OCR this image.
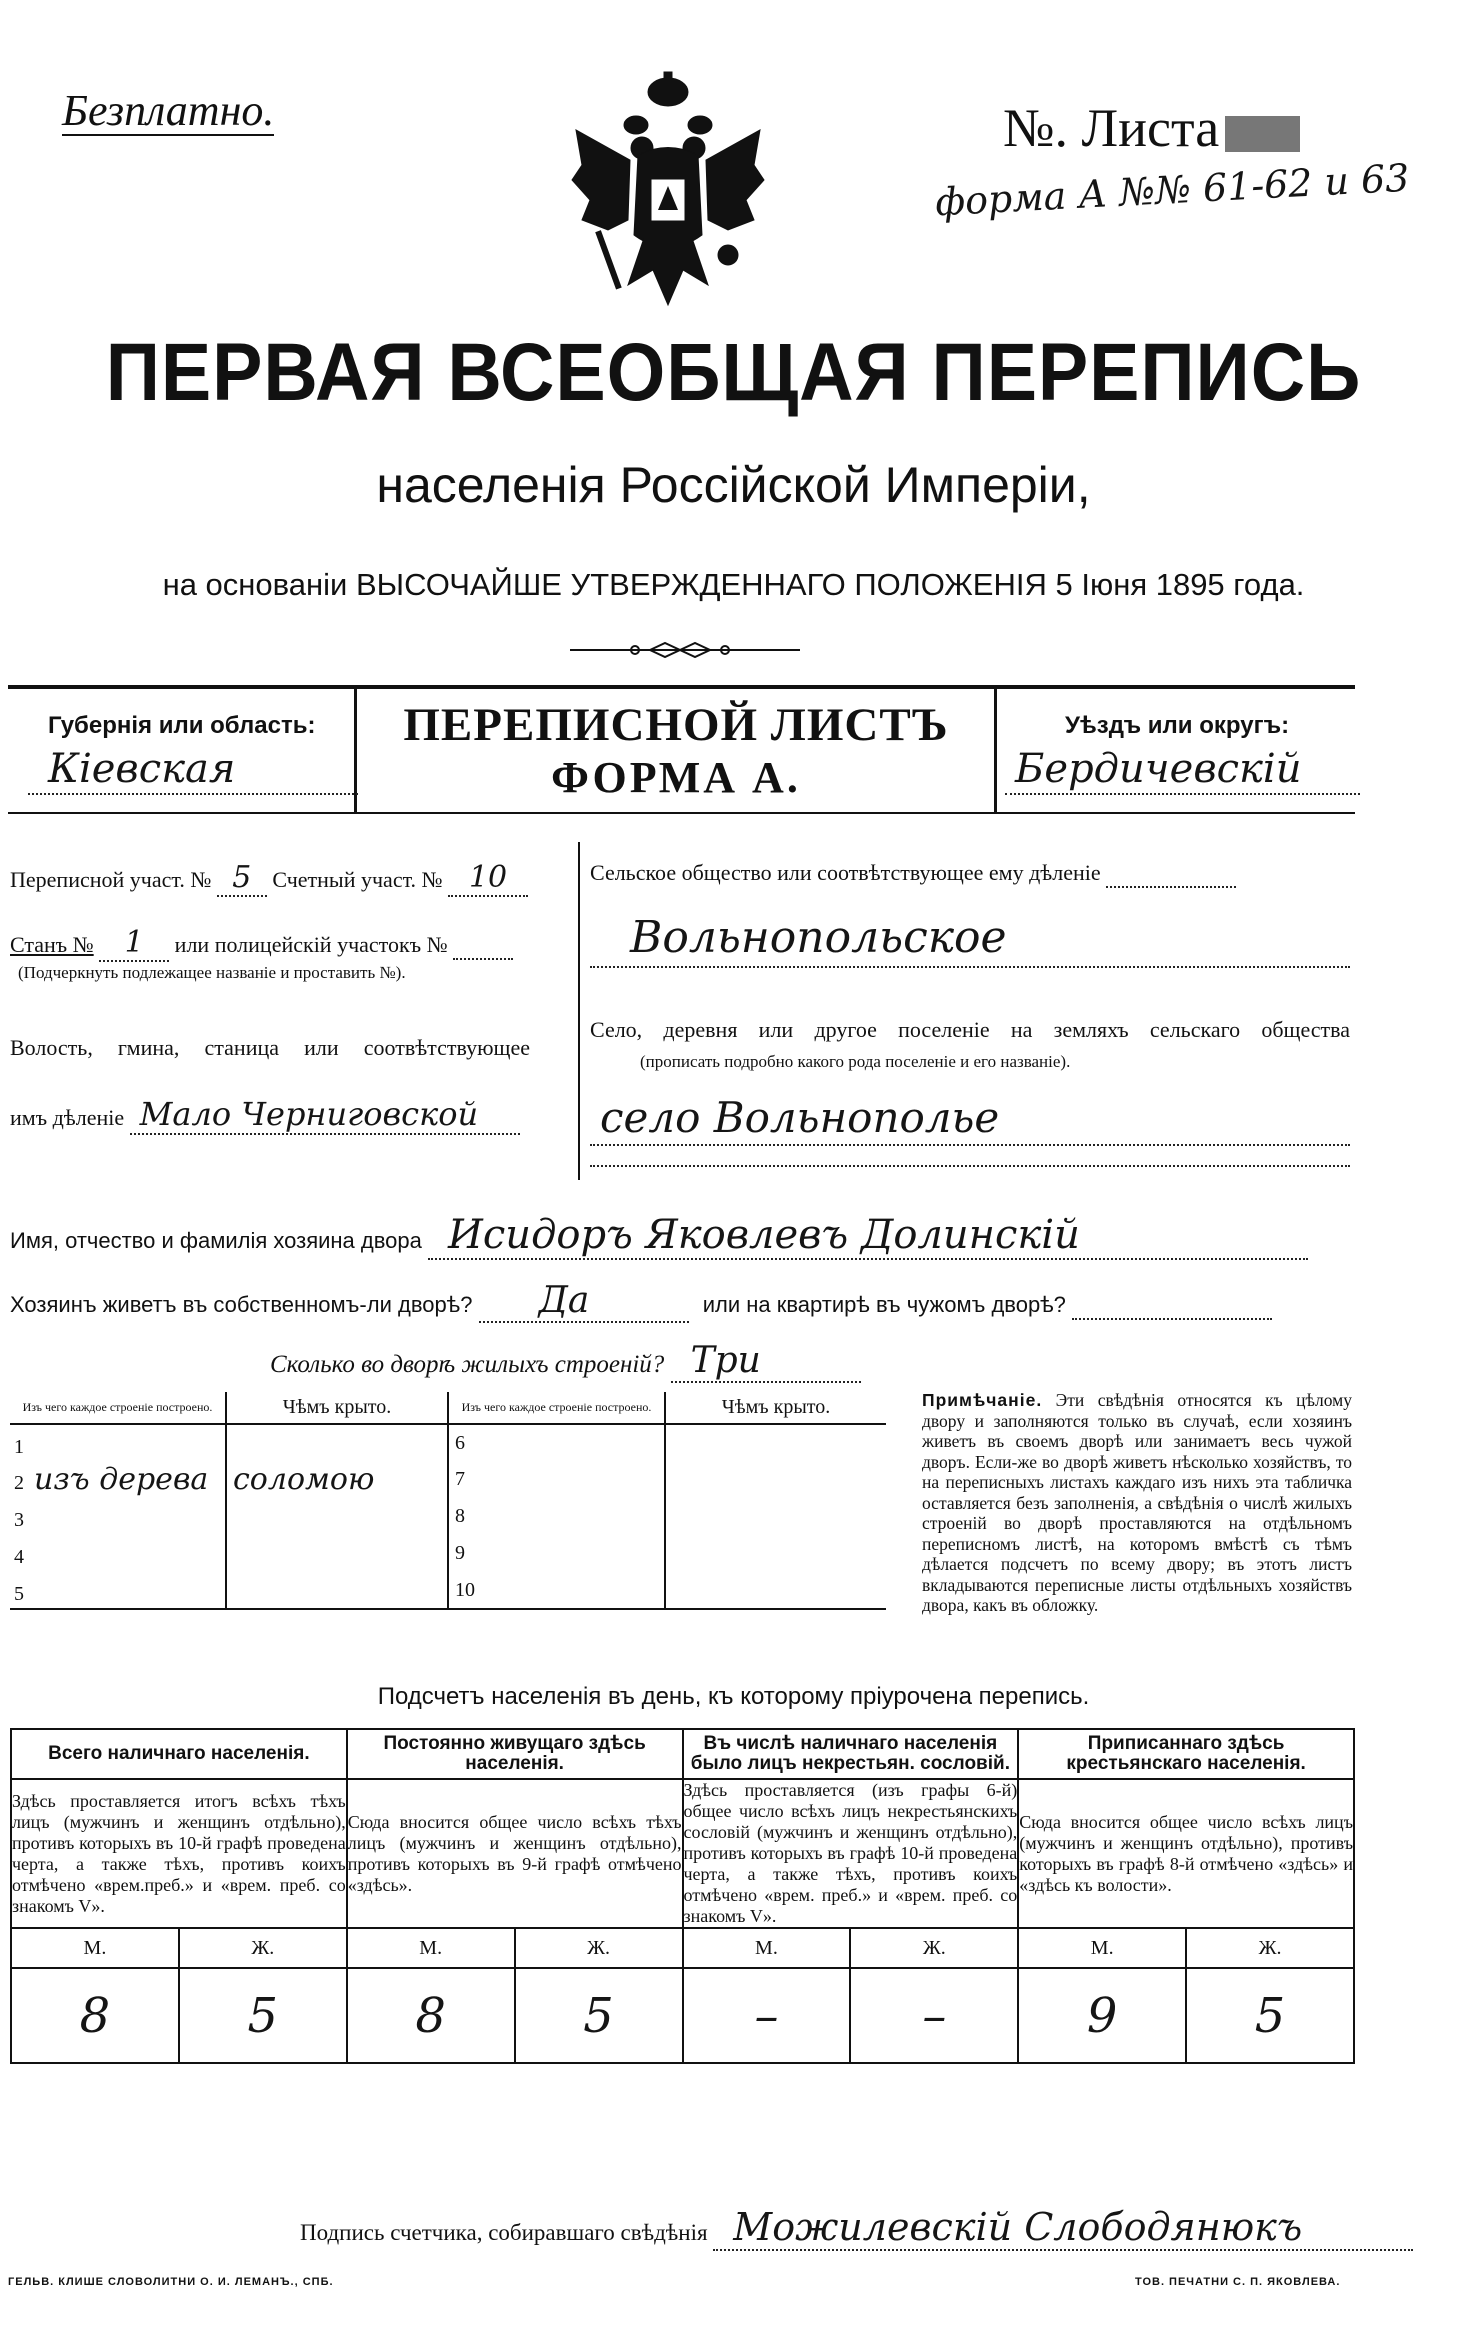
Безплатно.	№. Листа
форма А №№ 61-62 и 63
ПЕРВАЯ ВСЕОБЩАЯ ПЕРЕПИСЬ
населенія Россійской Имперіи,
на основаніи ВЫСОЧАЙШЕ УТВЕРЖДЕННАГО ПОЛОЖЕНІЯ 5 Іюня 1895 года.
Губернія или область:
Кіевская
ПЕРЕПИСНОЙ ЛИСТЪ
ФОРМА А.
Уѣздъ или округъ:
Бердичевскій
Переписной участ. № 5 Счетный участ. № 10
Станъ № 1 или полицейскій участокъ №
(Подчеркнуть подлежащее названіе и проставить №).
Волость, гмина, станица или соотвѣтствующее
имъ дѣленіе Мало Черниговской
Сельское общество или соотвѣтствующее ему дѣленіе
Вольнопольское
Село, деревня или другое поселеніе на земляхъ сельскаго общества
(прописать подробно какого рода поселеніе и его названіе).
село Вольнополье
Имя, отчество и фамилія хозяина двора Исидоръ Яковлевъ Долинскій
Хозяинъ живетъ въ собственномъ-ли дворѣ? Да	или на квартирѣ въ чужомъ дворѣ?
Сколько во дворѣ жилыхъ строеній? Три
Изъ чего каждое строеніе построено.	Чѣмъ крыто.	Изъ чего каждое строеніе построено.	Чѣмъ крыто.
1		6	
2 изъ дерева	соломою	7	
3		8	
4		9	
5		10	
Примѣчаніе. Эти свѣдѣнія относятся къ цѣлому двору и заполняются только въ случаѣ, если хозяинъ живетъ въ своемъ дворѣ или занимаетъ весь чужой дворъ. Если-же во дворѣ живетъ нѣсколько хозяйствъ, то на переписныхъ листахъ каждаго изъ нихъ эта табличка оставляется безъ заполненія, а свѣдѣнія о числѣ жилыхъ строеній во дворѣ проставляются на отдѣльномъ переписномъ листѣ, на которомъ вмѣстѣ съ тѣмъ дѣлается подсчетъ по всему двору; въ этотъ листъ вкладываются переписные листы отдѣльныхъ хозяйствъ двора, какъ въ обложку.
Подсчетъ населенія въ день, къ которому пріурочена перепись.
Всего наличнаго населенія.		Постоянно живущаго здѣсь населенія.		Въ числѣ наличнаго населенія было лицъ некрестьян. сословій.		Приписаннаго здѣсь крестьянскаго населенія.	
Здѣсь проставляется итогъ всѣхъ тѣхъ лицъ (мужчинъ и женщинъ отдѣльно), противъ которыхъ въ 10-й графѣ проведена черта, а также тѣхъ, противъ коихъ отмѣчено «врем.преб.» и «врем. преб. со знакомъ V».		Сюда вносится общее число всѣхъ тѣхъ лицъ (мужчинъ и женщинъ отдѣльно), противъ которыхъ въ 9-й графѣ отмѣчено «здѣсь».		Здѣсь проставляется (изъ графы 6-й) общее число всѣхъ лицъ некрестьянскихъ сословій (мужчинъ и женщинъ отдѣльно), противъ которыхъ въ графѣ 10-й проведена черта, а также тѣхъ, противъ коихъ отмѣчено «врем. преб.» и «врем. преб. со знакомъ V».		Сюда вносится общее число всѣхъ лицъ (мужчинъ и женщинъ отдѣльно), противъ которыхъ въ графѣ 8-й отмѣчено «здѣсь» и «здѣсь къ волости».	
М.	Ж.	М.	Ж.	М.	Ж.	М.	Ж.
8	5	8	5	–	–	9	5
Подпись счетчика, собиравшаго свѣдѣнія Можилевскій Слободянюкъ
ГЕЛЬВ. КЛИШЕ СЛОВОЛИТНИ О. И. ЛЕМАНЪ., СПБ.	ТОВ. ПЕЧАТНИ С. П. ЯКОВЛЕВА.
